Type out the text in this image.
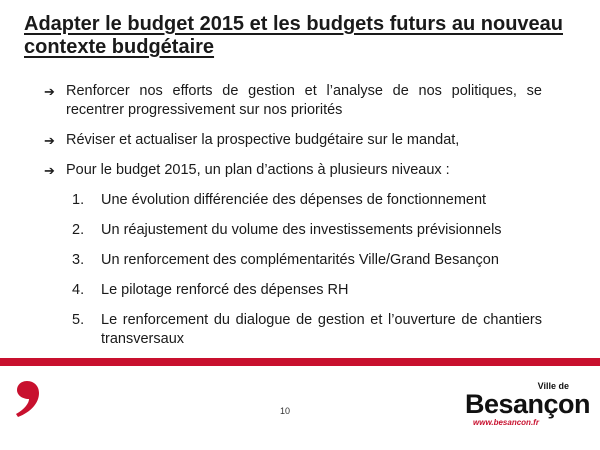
Adapter le budget 2015 et les budgets futurs au nouveau contexte budgétaire
➔ Renforcer nos efforts de gestion et l’analyse de nos politiques, se recentrer progressivement sur nos priorités
➔ Réviser et actualiser la prospective budgétaire sur le mandat,
➔ Pour le budget 2015, un plan d’actions à plusieurs niveaux :
1. Une évolution différenciée des dépenses de fonctionnement
2. Un réajustement du volume des investissements prévisionnels
3. Un renforcement des complémentarités Ville/Grand Besançon
4. Le pilotage renforcé des dépenses RH
5. Le renforcement du dialogue de gestion et l’ouverture de chantiers transversaux
10
Ville de
Besançon
www.besancon.fr
